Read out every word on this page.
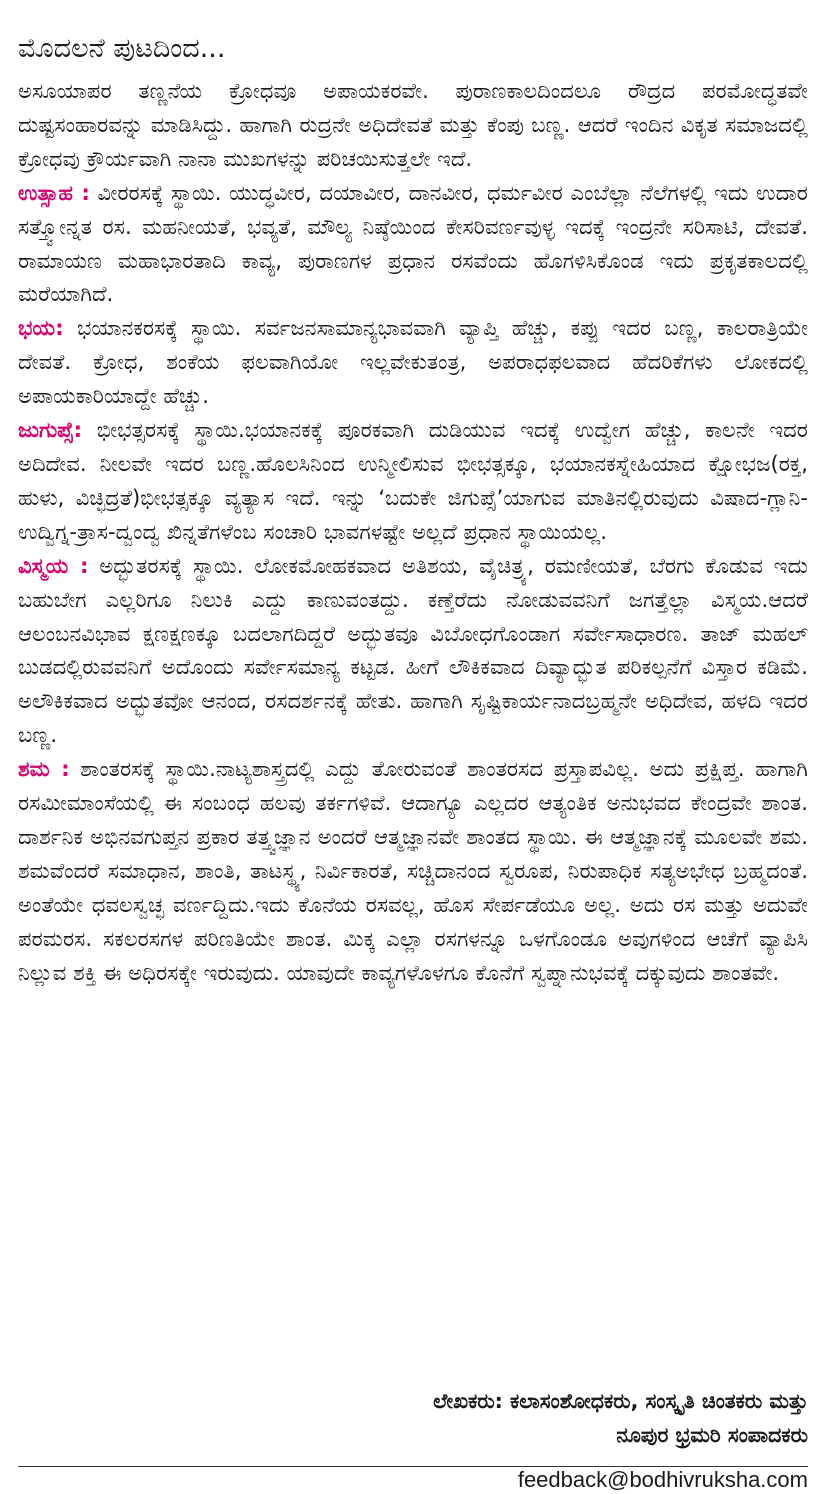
ಮೊದಲನೆ ಪುಟದಿಂದ...

ಅಸೂಯಾಪರ ತಣ್ಣನೆಯ ಕ್ರೋಧವೂ ಅಪಾಯಕರವೇ. ಪುರಾಣಕಾಲದಿಂದಲೂ ರೌದ್ರದ ಪರಮೋದ್ಧತವೇ ದುಷ್ಟಸಂಹಾರವನ್ನು ಮಾಡಿಸಿದ್ದು. ಹಾಗಾಗಿ ರುದ್ರನೇ ಅಧಿದೇವತೆ ಮತ್ತು ಕೆಂಪು ಬಣ್ಣ. ಆದರೆ ಇಂದಿನ ವಿಕೃತ ಸಮಾಜದಲ್ಲಿ ಕ್ರೋಧವು ಕ್ರೌರ್ಯವಾಗಿ ನಾನಾ ಮುಖಗಳನ್ನು ಪರಿಚಯಿಸುತ್ತಲೇ ಇದೆ.

ಉತ್ಸಾಹ : ವೀರರಸಕ್ಕೆ ಸ್ಥಾಯಿ. ಯುದ್ಧವೀರ, ದಯಾವೀರ, ದಾನವೀರ, ಧರ್ಮವೀರ ಎಂಬೆಲ್ಲಾ ನೆಲೆಗಳಲ್ಲಿ ಇದು ಉದಾರ ಸತ್ತ್ವೋನ್ನತ ರಸ. ಮಹನೀಯತೆ, ಭವ್ಯತೆ, ಮೌಲ್ಯ ನಿಷ್ಠೆಯಿಂದ ಕೇಸರಿವರ್ಣವುಳ್ಳ ಇದಕ್ಕೆ ಇಂದ್ರನೇ ಸರಿಸಾಟಿ, ದೇವತೆ. ರಾಮಾಯಣ ಮಹಾಭಾರತಾದಿ ಕಾವ್ಯ, ಪುರಾಣಗಳ ಪ್ರಧಾನ ರಸವೆಂದು ಹೊಗಳಿಸಿಕೊಂಡ ಇದು ಪ್ರಕೃತಕಾಲದಲ್ಲಿ ಮರೆಯಾಗಿದೆ.

ಭಯ: ಭಯಾನಕರಸಕ್ಕೆ ಸ್ಥಾಯಿ. ಸರ್ವಜನಸಾಮಾನ್ಯಭಾವವಾಗಿ ವ್ಯಾಪ್ತಿ ಹೆಚ್ಚು, ಕಪ್ಪು ಇದರ ಬಣ್ಣ, ಕಾಲರಾತ್ರಿಯೇ ದೇವತೆ. ಕ್ರೋಧ, ಶಂಕೆಯ ಫಲವಾಗಿಯೋ ಇಲ್ಲವೇಕುತಂತ್ರ, ಅಪರಾಧಫಲವಾದ ಹೆದರಿಕೆಗಳು ಲೋಕದಲ್ಲಿ ಅಪಾಯಕಾರಿಯಾದ್ದೇ ಹೆಚ್ಚು.

ಜುಗುಪ್ಸೆ: ಭೀಭತ್ಸರಸಕ್ಕೆ ಸ್ಥಾಯಿ.ಭಯಾನಕಕ್ಕೆ ಪೂರಕವಾಗಿ ದುಡಿಯುವ ಇದಕ್ಕೆ ಉದ್ವೇಗ ಹೆಚ್ಚು, ಕಾಲನೇ ಇದರ ಅದಿದೇವ. ನೀಲವೇ ಇದರ ಬಣ್ಣ.ಹೊಲಸಿನಿಂದ ಉನ್ಮೀಲಿಸುವ ಭೀಭತ್ಸಕ್ಕೂ, ಭಯಾನಕಸ್ನೇಹಿಯಾದ ಕ್ಷೋಭಜ(ರಕ್ತ, ಹುಳು, ವಿಚ್ಛಿದ್ರತೆ)ಭೀಭತ್ಸಕ್ಕೂ ವ್ಯತ್ಯಾಸ ಇದೆ. ಇನ್ನು ‘ಬದುಕೇ ಜಿಗುಪ್ಸೆ’ಯಾಗುವ ಮಾತಿನಲ್ಲಿರುವುದು ವಿಷಾದ-ಗ್ಲಾನಿ-ಉದ್ವಿಗ್ನ-ತ್ರಾಸ-ದ್ವಂದ್ವ ಖಿನ್ನತೆಗಳೆಂಬ ಸಂಚಾರಿ ಭಾವಗಳಷ್ಟೇ ಅಲ್ಲದೆ ಪ್ರಧಾನ ಸ್ಥಾಯಿಯಲ್ಲ.

ವಿಸ್ಮಯ : ಅದ್ಭುತರಸಕ್ಕೆ ಸ್ಥಾಯಿ. ಲೋಕಮೋಹಕವಾದ ಅತಿಶಯ, ವೈಚಿತ್ರ್ಯ, ರಮಣೀಯತೆ, ಬೆರಗು ಕೊಡುವ ಇದು ಬಹುಬೇಗ ಎಲ್ಲರಿಗೂ ನಿಲುಕಿ ಎದ್ದು ಕಾಣುವಂತದ್ದು. ಕಣ್ತೆರೆದು ನೋಡುವವನಿಗೆ ಜಗತ್ತೆಲ್ಲಾ ವಿಸ್ಮಯ.ಆದರೆ ಆಲಂಬನವಿಭಾವ ಕ್ಷಣಕ್ಷಣಕ್ಕೂ ಬದಲಾಗದಿದ್ದರೆ ಅದ್ಭುತವೂ ವಿಬೋಧಗೊಂಡಾಗ ಸರ್ವೇಸಾಧಾರಣ. ತಾಜ್ ಮಹಲ್ ಬುಡದಲ್ಲಿರುವವನಿಗೆ ಅದೊಂದು ಸರ್ವೇಸಮಾನ್ಯ ಕಟ್ಟಡ. ಹೀಗೆ ಲೌಕಿಕವಾದ ದಿವ್ಯಾದ್ಭುತ ಪರಿಕಲ್ಪನೆಗೆ ವಿಸ್ತಾರ ಕಡಿಮೆ. ಅಲೌಕಿಕವಾದ ಅದ್ಭುತವೋ ಆನಂದ, ರಸದರ್ಶನಕ್ಕೆ ಹೇತು. ಹಾಗಾಗಿ ಸೃಷ್ಟಿಕಾರ್ಯನಾದಬ್ರಹ್ಮನೇ ಅಧಿದೇವ, ಹಳದಿ ಇದರ ಬಣ್ಣ.

ಶಮ : ಶಾಂತರಸಕ್ಕೆ ಸ್ಥಾಯಿ.ನಾಟ್ಯಶಾಸ್ತ್ರದಲ್ಲಿ ಎದ್ದು ತೋರುವಂತೆ ಶಾಂತರಸದ ಪ್ರಸ್ತಾಪವಿಲ್ಲ. ಅದು ಪ್ರಕ್ಷಿಪ್ತ. ಹಾಗಾಗಿ ರಸಮೀಮಾಂಸೆಯಲ್ಲಿ ಈ ಸಂಬಂಧ ಹಲವು ತರ್ಕಗಳಿವೆ. ಆದಾಗ್ಯೂ ಎಲ್ಲದರ ಆತ್ಯಂತಿಕ ಅನುಭವದ ಕೇಂದ್ರವೇ ಶಾಂತ. ದಾರ್ಶನಿಕ ಅಭಿನವಗುಪ್ತನ ಪ್ರಕಾರ ತತ್ತ್ವಜ್ಞಾನ ಅಂದರೆ ಆತ್ಮಜ್ಞಾನವೇ ಶಾಂತದ ಸ್ಥಾಯಿ. ಈ ಆತ್ಮಜ್ಞಾನಕ್ಕೆ ಮೂಲವೇ ಶಮ. ಶಮವೆಂದರೆ ಸಮಾಧಾನ, ಶಾಂತಿ, ತಾಟಸ್ಥ್ಯ, ನಿರ್ವಿಕಾರತೆ, ಸಚ್ಚಿದಾನಂದ ಸ್ವರೂಪ, ನಿರುಪಾಧಿಕ ಸತ್ಯಅಭೇಧ ಬ್ರಹ್ಮದಂತೆ. ಅಂತೆಯೇ ಧವಲಸ್ವಚ್ಛ ವರ್ಣದ್ದಿದು.ಇದು ಕೊನೆಯ ರಸವಲ್ಲ, ಹೊಸ ಸೇರ್ಪಡೆಯೂ ಅಲ್ಲ. ಅದು ರಸ ಮತ್ತು ಅದುವೇ ಪರಮರಸ. ಸಕಲರಸಗಳ ಪರಿಣತಿಯೇ ಶಾಂತ. ಮಿಕ್ಕ ಎಲ್ಲಾ ರಸಗಳನ್ನೂ ಒಳಗೊಂಡೂ ಅವುಗಳಿಂದ ಆಚೆಗೆ ವ್ಯಾಪಿಸಿ ನಿಲ್ಲುವ ಶಕ್ತಿ ಈ ಅಧಿರಸಕ್ಕೇ ಇರುವುದು. ಯಾವುದೇ ಕಾವ್ಯಗಳೊಳಗೂ ಕೊನೆಗೆ ಸ್ವಪ್ನಾನುಭವಕ್ಕೆ ದಕ್ಕುವುದು ಶಾಂತವೇ.

ಲೇಖಕರು: ಕಲಾಸಂಶೋಧಕರು, ಸಂಸ್ಕೃತಿ ಚಿಂತಕರು ಮತ್ತು
ನೂಪುರ ಭ್ರಮರಿ ಸಂಪಾದಕರು
feedback@bodhivruksha.com
